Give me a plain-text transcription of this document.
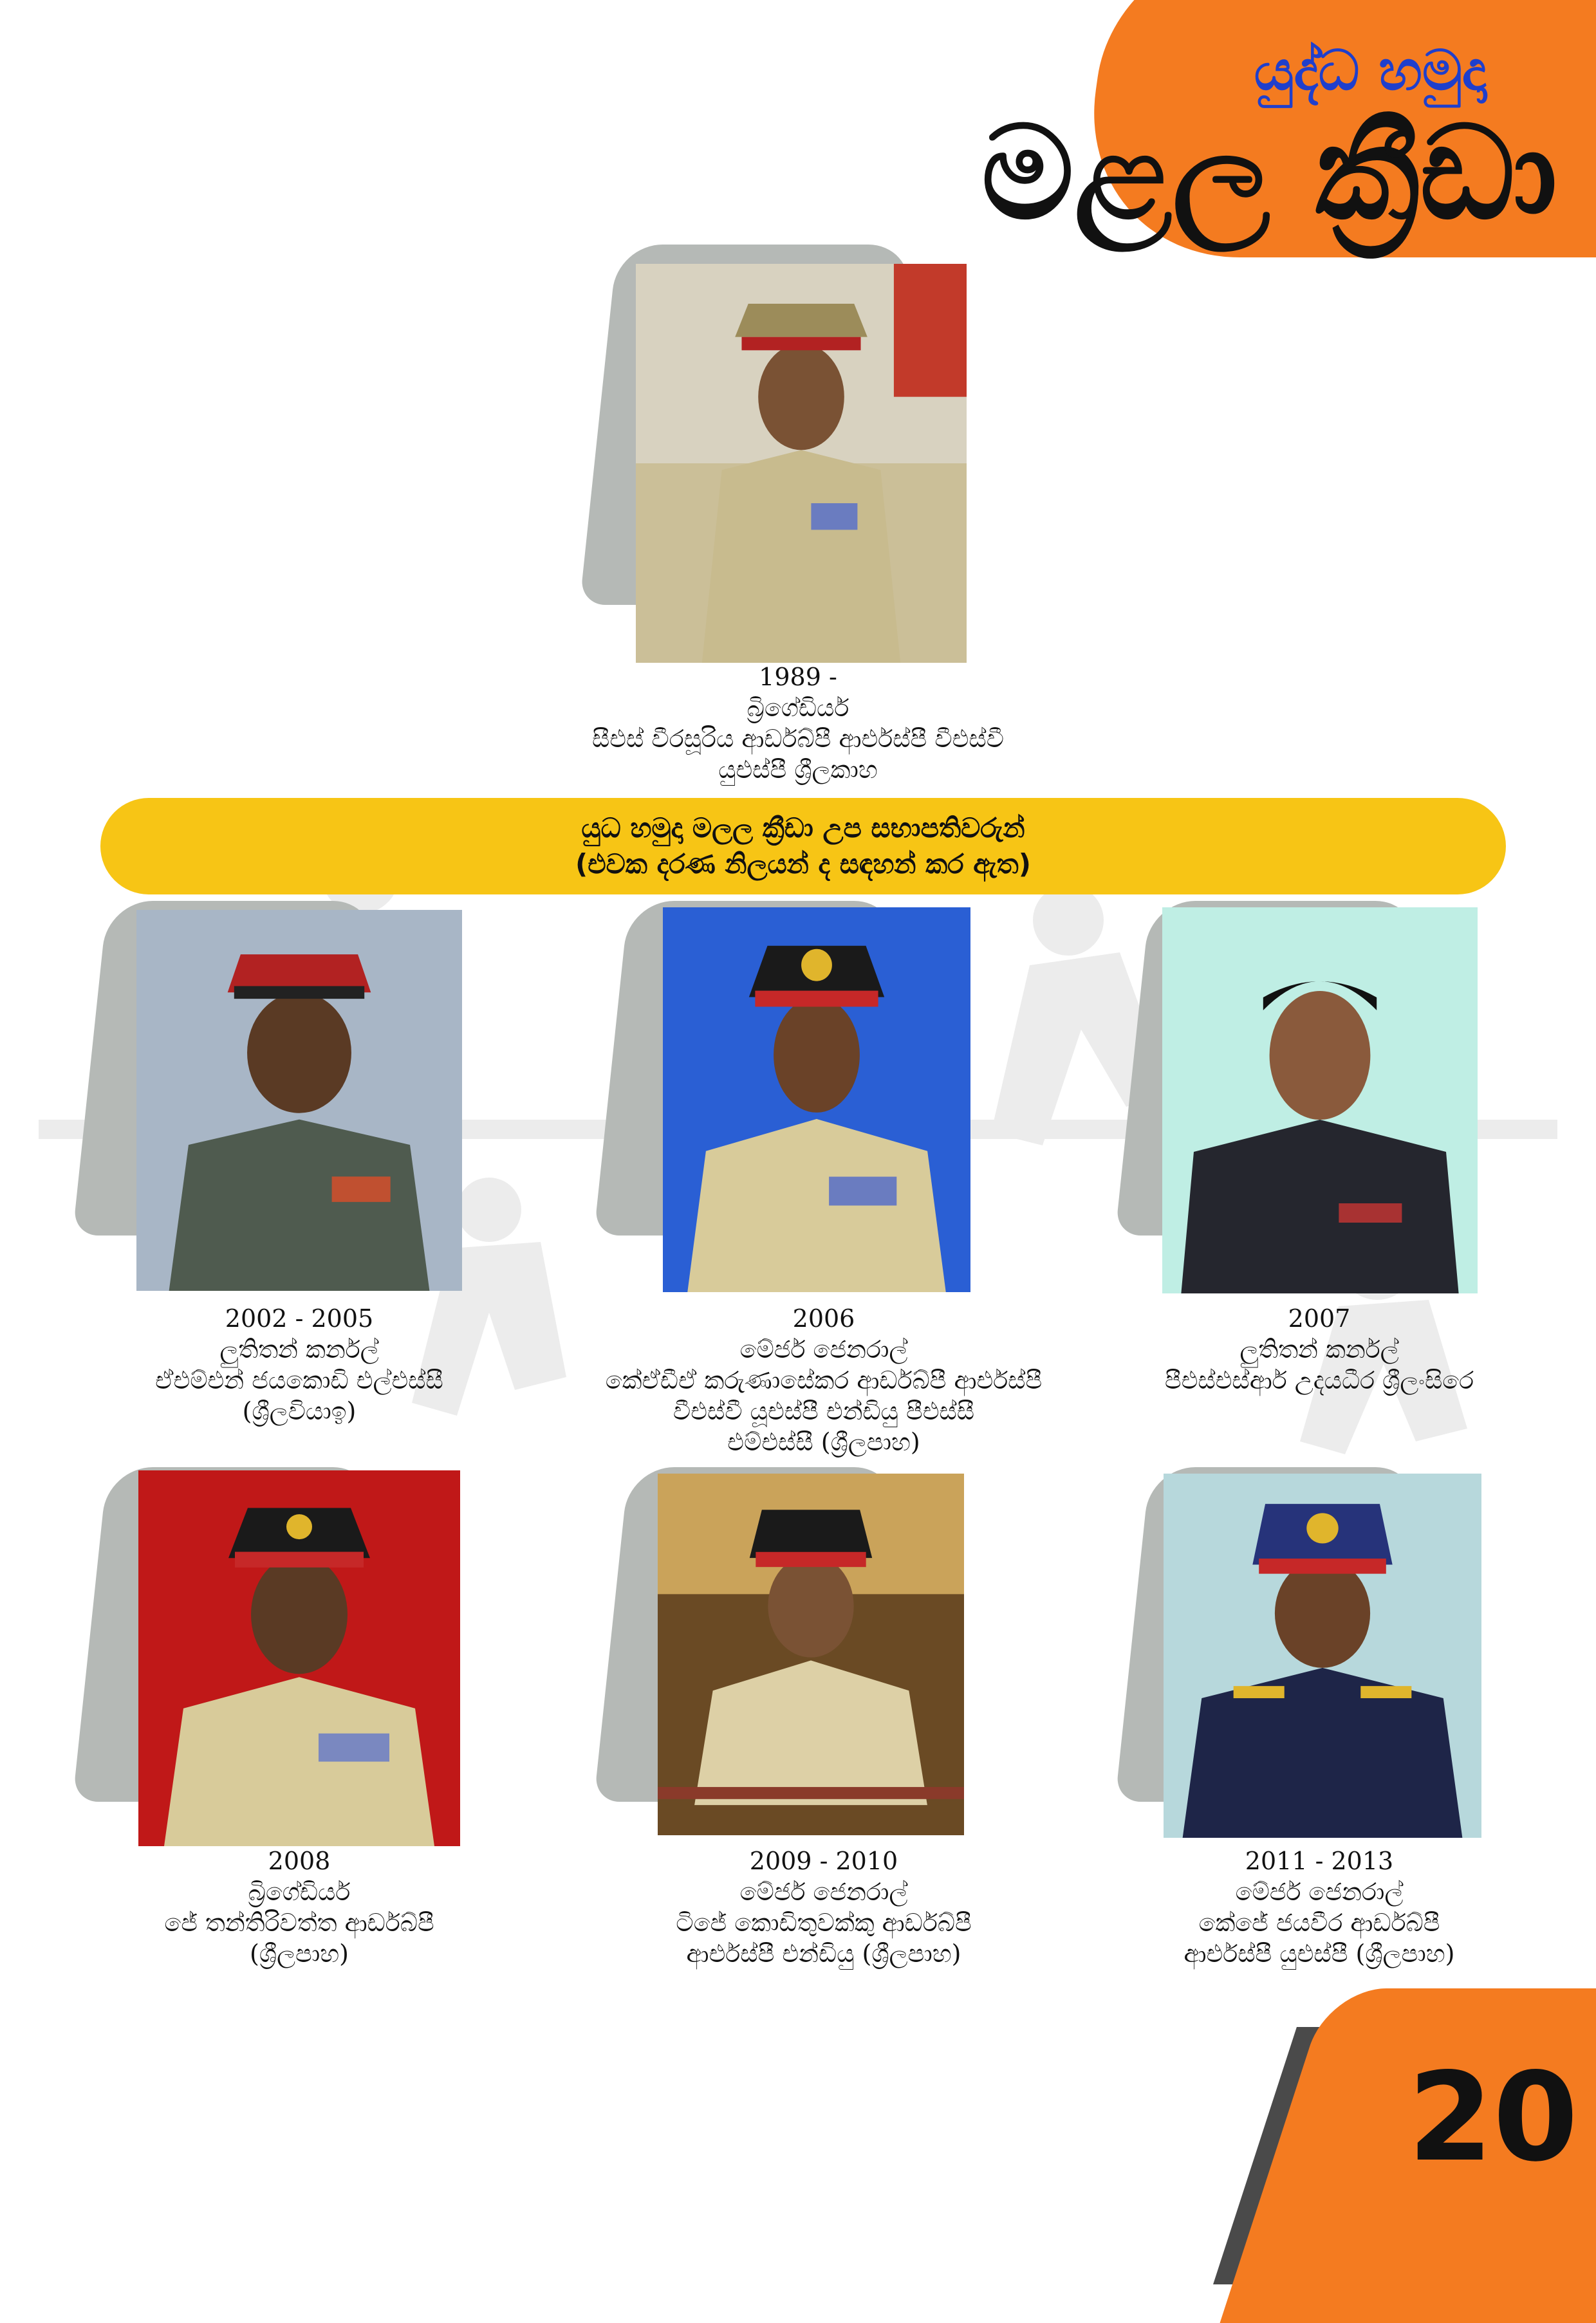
යුද්ධ හමුදා
මළල ක්‍රීඩා
1989 -
බ්‍රිගේඩියර්
සීඑස් වීරසූරිය ආර්ඩබ්පී ආර්එස්පී වීඑස්වී
යුඑස්පී ශ්‍රීලකාහ
යුධ හමුදා මලල ක්‍රීඩා උප සභාපතිවරුන්
(එවක දරණ නිලයන් ද සඳහන් කර ඇත)
2002 - 2005
ලුතිතන් කර්නල්
ඒඑම්එන් ජයකොඩි එල්එස්සී
(ශ්‍රීලවියාඉ)
2006
මේජර් ජෙනරාල්
කේඒඩීඒ කරුණාසේකර ආර්ඩබ්පී ආර්එස්පී
වීඑස්වී යූඑස්පී එන්ඩියු පීඑස්සී
එම්එස්සී (ශ්‍රීලපාහ)
2007
ලුතිතන් කර්නල්
පීඑස්එස්ආර් උදයධීර ශ්‍රීලංසිරෙ
2008
බ්‍රිගේඩියර්
ජේ තන්තිරිවත්ත ආර්ඩබ්පී
(ශ්‍රීලපාහ)
2009 - 2010
මේජර් ජෙනරාල්
ටිජේ කොඩිතුවක්කු ආර්ඩබ්පී
ආර්එස්පී එන්ඩියු (ශ්‍රීලපාහ)
2011 - 2013
මේජර් ජෙනරාල්
කේජේ ජයවීර ආර්ඩබ්පී
ආර්එස්පී යුඑස්පී (ශ්‍රීලපාහ)
20
